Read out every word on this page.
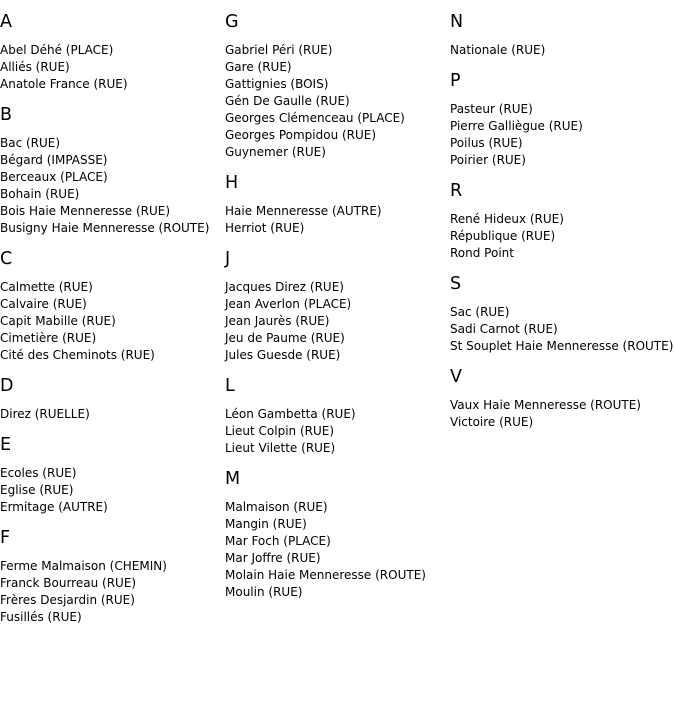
A
Abel Déhé (PLACE)
Alliés (RUE)
Anatole France (RUE)
B
Bac (RUE)
Bégard (IMPASSE)
Berceaux (PLACE)
Bohain (RUE)
Bois Haie Menneresse (RUE)
Busigny Haie Menneresse (ROUTE)
C
Calmette (RUE)
Calvaire (RUE)
Capit Mabille (RUE)
Cimetière (RUE)
Cité des Cheminots (RUE)
D
Direz (RUELLE)
E
Ecoles (RUE)
Eglise (RUE)
Ermitage (AUTRE)
F
Ferme Malmaison (CHEMIN)
Franck Bourreau (RUE)
Frères Desjardin (RUE)
Fusillés (RUE)
G
Gabriel Péri (RUE)
Gare (RUE)
Gattignies (BOIS)
Gén De Gaulle (RUE)
Georges Clémenceau (PLACE)
Georges Pompidou (RUE)
Guynemer (RUE)
H
Haie Menneresse (AUTRE)
Herriot (RUE)
J
Jacques Direz (RUE)
Jean Averlon (PLACE)
Jean Jaurès (RUE)
Jeu de Paume (RUE)
Jules Guesde (RUE)
L
Léon Gambetta (RUE)
Lieut Colpin (RUE)
Lieut Vilette (RUE)
M
Malmaison (RUE)
Mangin (RUE)
Mar Foch (PLACE)
Mar Joffre (RUE)
Molain Haie Menneresse (ROUTE)
Moulin (RUE)
N
Nationale (RUE)
P
Pasteur (RUE)
Pierre Galliègue (RUE)
Poilus (RUE)
Poirier (RUE)
R
René Hideux (RUE)
République (RUE)
Rond Point
S
Sac (RUE)
Sadi Carnot (RUE)
St Souplet Haie Menneresse (ROUTE)
V
Vaux Haie Menneresse (ROUTE)
Victoire (RUE)
